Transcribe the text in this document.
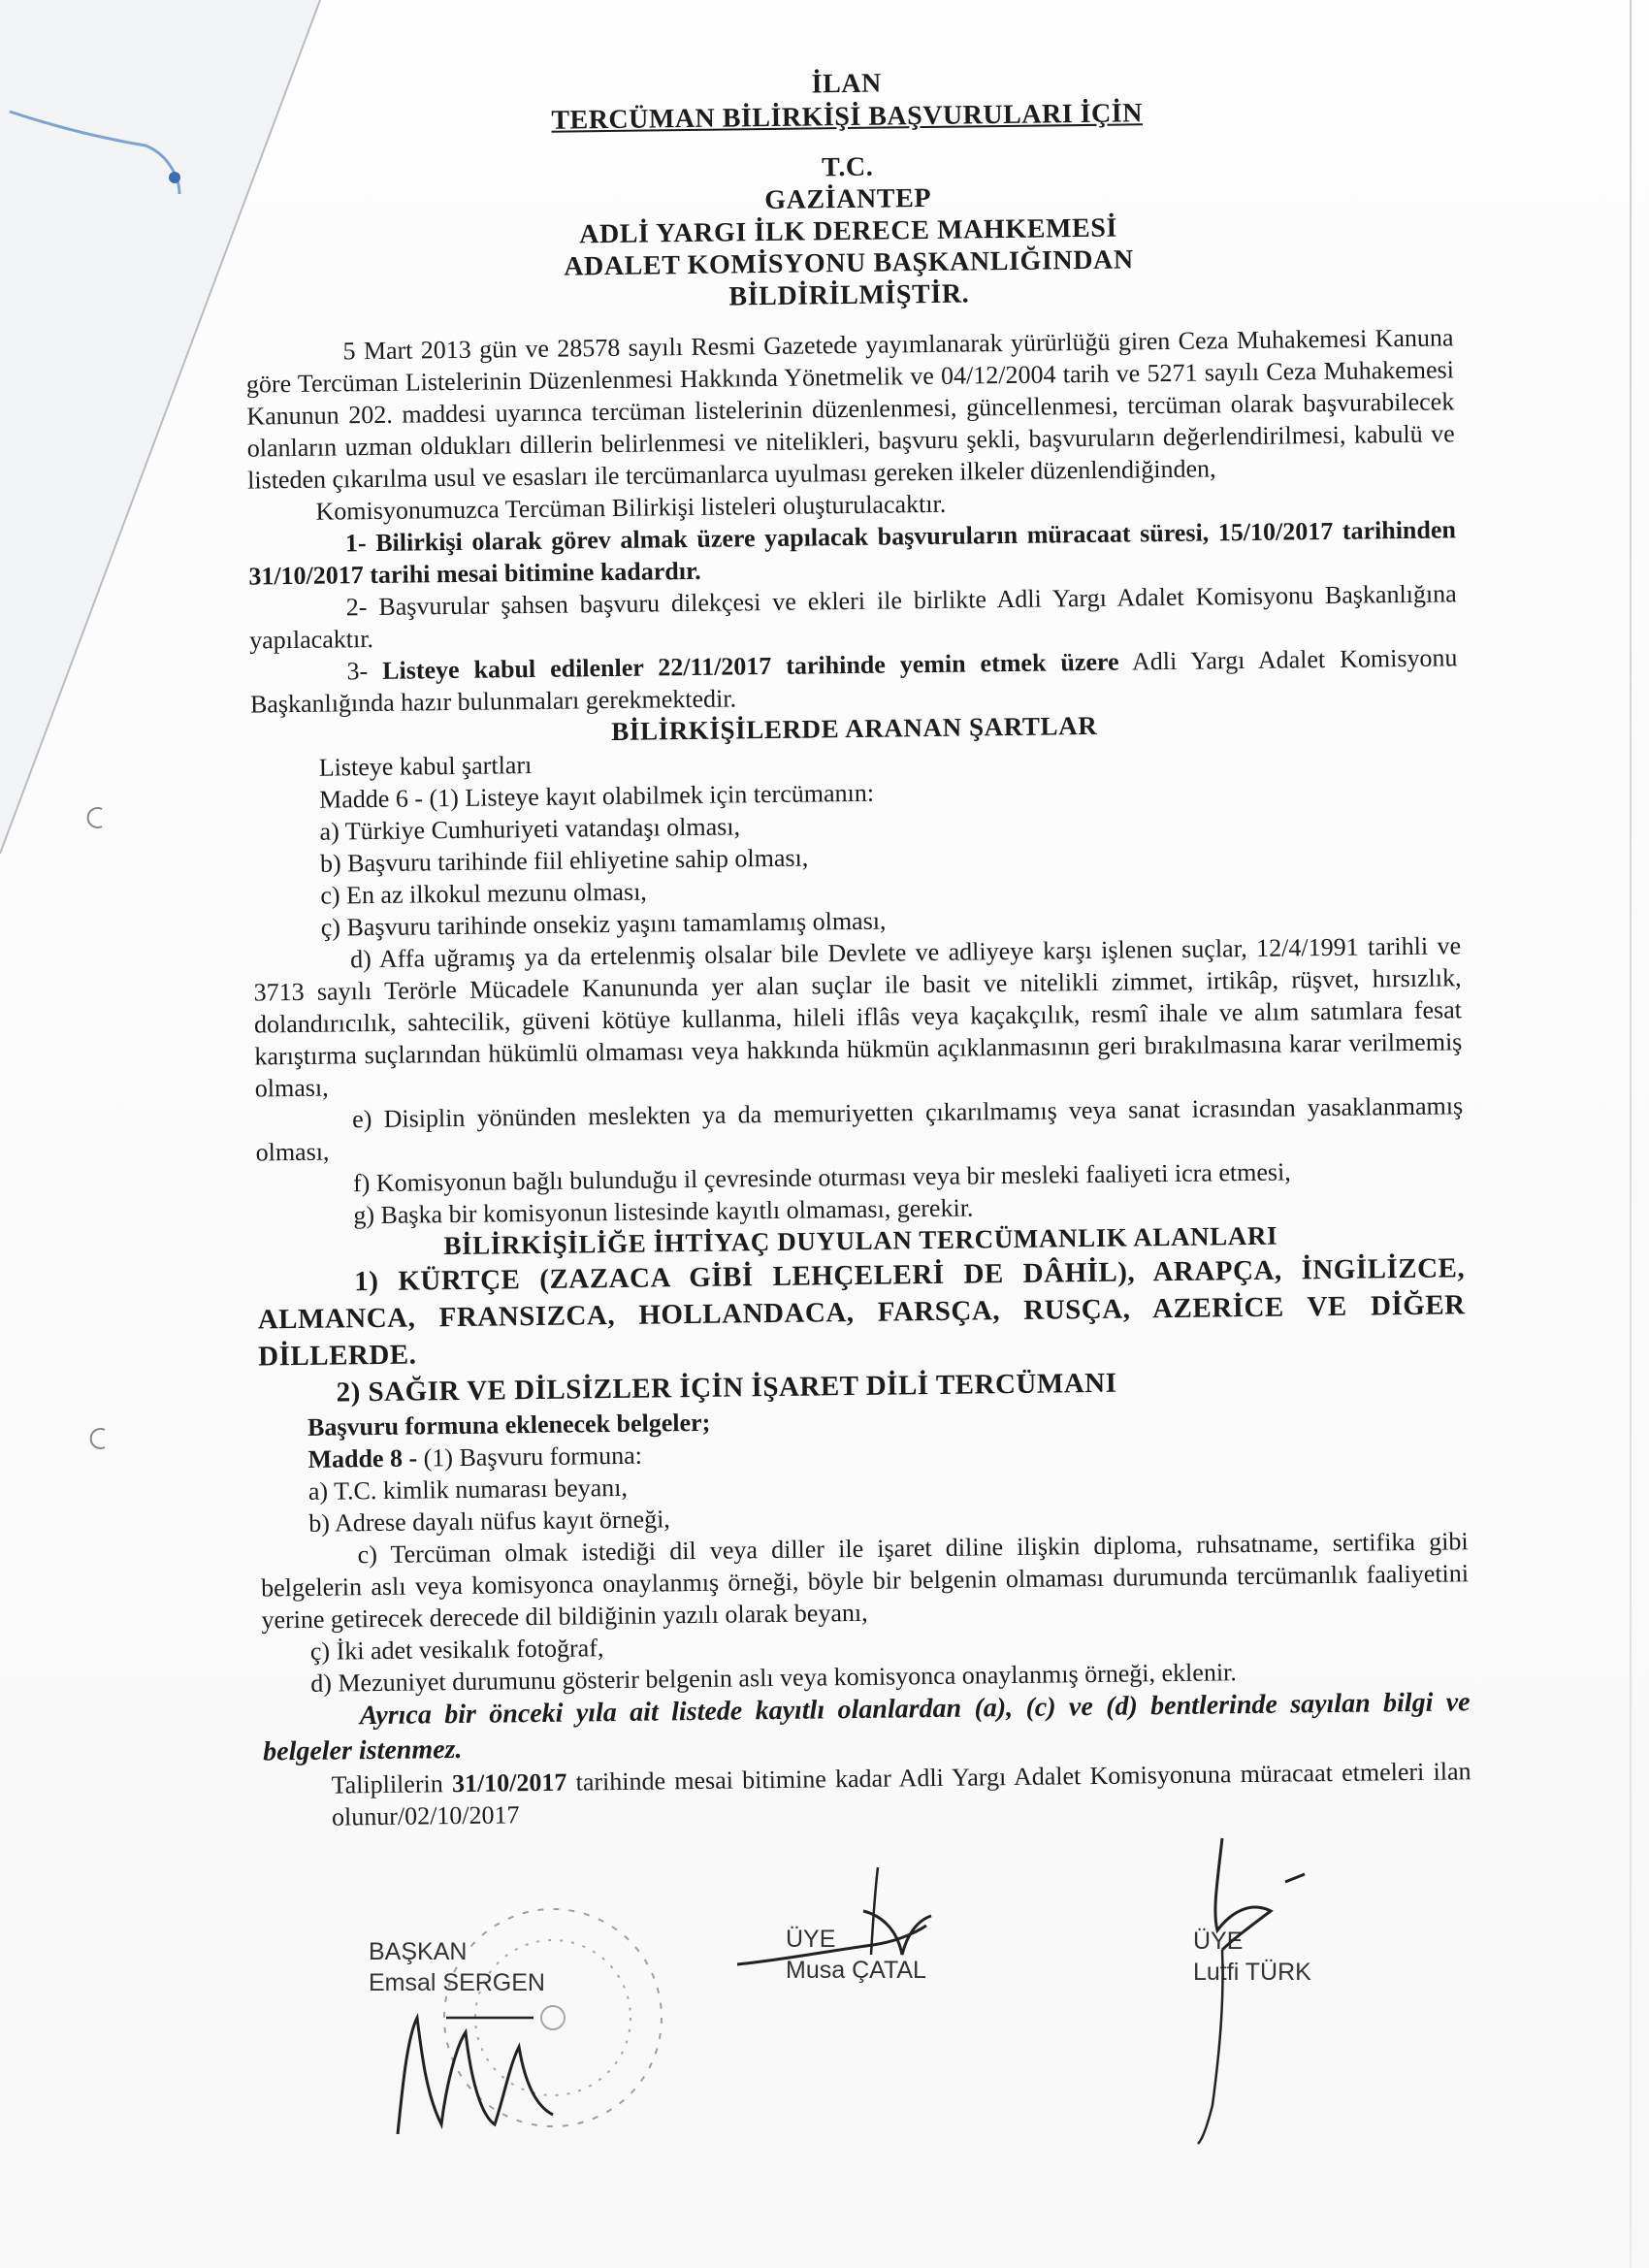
İLAN
TERCÜMAN BİLİRKİŞİ BAŞVURULARI İÇİN
T.C.
GAZİANTEP
ADLİ YARGI İLK DERECE MAHKEMESİ
ADALET KOMİSYONU BAŞKANLIĞINDAN
BİLDİRİLMİŞTİR.

5 Mart 2013 gün ve 28578 sayılı Resmi Gazetede yayımlanarak yürürlüğü giren Ceza Muhakemesi Kanuna göre Tercüman Listelerinin Düzenlenmesi Hakkında Yönetmelik ve 04/12/2004 tarih ve 5271 sayılı Ceza Muhakemesi Kanunun 202. maddesi uyarınca tercüman listelerinin düzenlenmesi, güncellenmesi, tercüman olarak başvurabilecek olanların uzman oldukları dillerin belirlenmesi ve nitelikleri, başvuru şekli, başvuruların değerlendirilmesi, kabulü ve listeden çıkarılma usul ve esasları ile tercümanlarca uyulması gereken ilkeler düzenlendiğinden,

Komisyonumuzca Tercüman Bilirkişi listeleri oluşturulacaktır.

1- Bilirkişi olarak görev almak üzere yapılacak başvuruların müracaat süresi, 15/10/2017 tarihinden 31/10/2017 tarihi mesai bitimine kadardır.

2- Başvurular şahsen başvuru dilekçesi ve ekleri ile birlikte Adli Yargı Adalet Komisyonu Başkanlığına yapılacaktır.

3- Listeye kabul edilenler 22/11/2017 tarihinde yemin etmek üzere Adli Yargı Adalet Komisyonu Başkanlığında hazır bulunmaları gerekmektedir.

BİLİRKİŞİLERDE ARANAN ŞARTLAR

Listeye kabul şartları

Madde 6 - (1) Listeye kayıt olabilmek için tercümanın:

a) Türkiye Cumhuriyeti vatandaşı olması,

b) Başvuru tarihinde fiil ehliyetine sahip olması,

c) En az ilkokul mezunu olması,

ç) Başvuru tarihinde onsekiz yaşını tamamlamış olması,

d) Affa uğramış ya da ertelenmiş olsalar bile Devlete ve adliyeye karşı işlenen suçlar, 12/4/1991 tarihli ve 3713 sayılı Terörle Mücadele Kanununda yer alan suçlar ile basit ve nitelikli zimmet, irtikâp, rüşvet, hırsızlık, dolandırıcılık, sahtecilik, güveni kötüye kullanma, hileli iflâs veya kaçakçılık, resmî ihale ve alım satımlara fesat karıştırma suçlarından hükümlü olmaması veya hakkında hükmün açıklanmasının geri bırakılmasına karar verilmemiş olması,

e) Disiplin yönünden meslekten ya da memuriyetten çıkarılmamış veya sanat icrasından yasaklanmamış olması,

f) Komisyonun bağlı bulunduğu il çevresinde oturması veya bir mesleki faaliyeti icra etmesi,

g) Başka bir komisyonun listesinde kayıtlı olmaması, gerekir.

BİLİRKİŞİLİĞE İHTİYAÇ DUYULAN TERCÜMANLIK ALANLARI

1) KÜRTÇE (ZAZACA GİBİ LEHÇELERİ DE DÂHİL), ARAPÇA, İNGİLİZCE, ALMANCA, FRANSIZCA, HOLLANDACA, FARSÇA, RUSÇA, AZERİCE VE DİĞER DİLLERDE.

2) SAĞIR VE DİLSİZLER İÇİN İŞARET DİLİ TERCÜMANI

Başvuru formuna eklenecek belgeler;

Madde 8 - (1) Başvuru formuna:

a) T.C. kimlik numarası beyanı,

b) Adrese dayalı nüfus kayıt örneği,

c) Tercüman olmak istediği dil veya diller ile işaret diline ilişkin diploma, ruhsatname, sertifika gibi belgelerin aslı veya komisyonca onaylanmış örneği, böyle bir belgenin olmaması durumunda tercümanlık faaliyetini yerine getirecek derecede dil bildiğinin yazılı olarak beyanı,

ç) İki adet vesikalık fotoğraf,

d) Mezuniyet durumunu gösterir belgenin aslı veya komisyonca onaylanmış örneği, eklenir.

Ayrıca bir önceki yıla ait listede kayıtlı olanlardan (a), (c) ve (d) bentlerinde sayılan bilgi ve belgeler istenmez.

Taliplilerin 31/10/2017 tarihinde mesai bitimine kadar Adli Yargı Adalet Komisyonuna müracaat etmeleri ilan olunur/02/10/2017

BAŞKAN
Emsal SERGEN
ÜYE
Musa ÇATAL
ÜYE
Lutfi TÜRK
